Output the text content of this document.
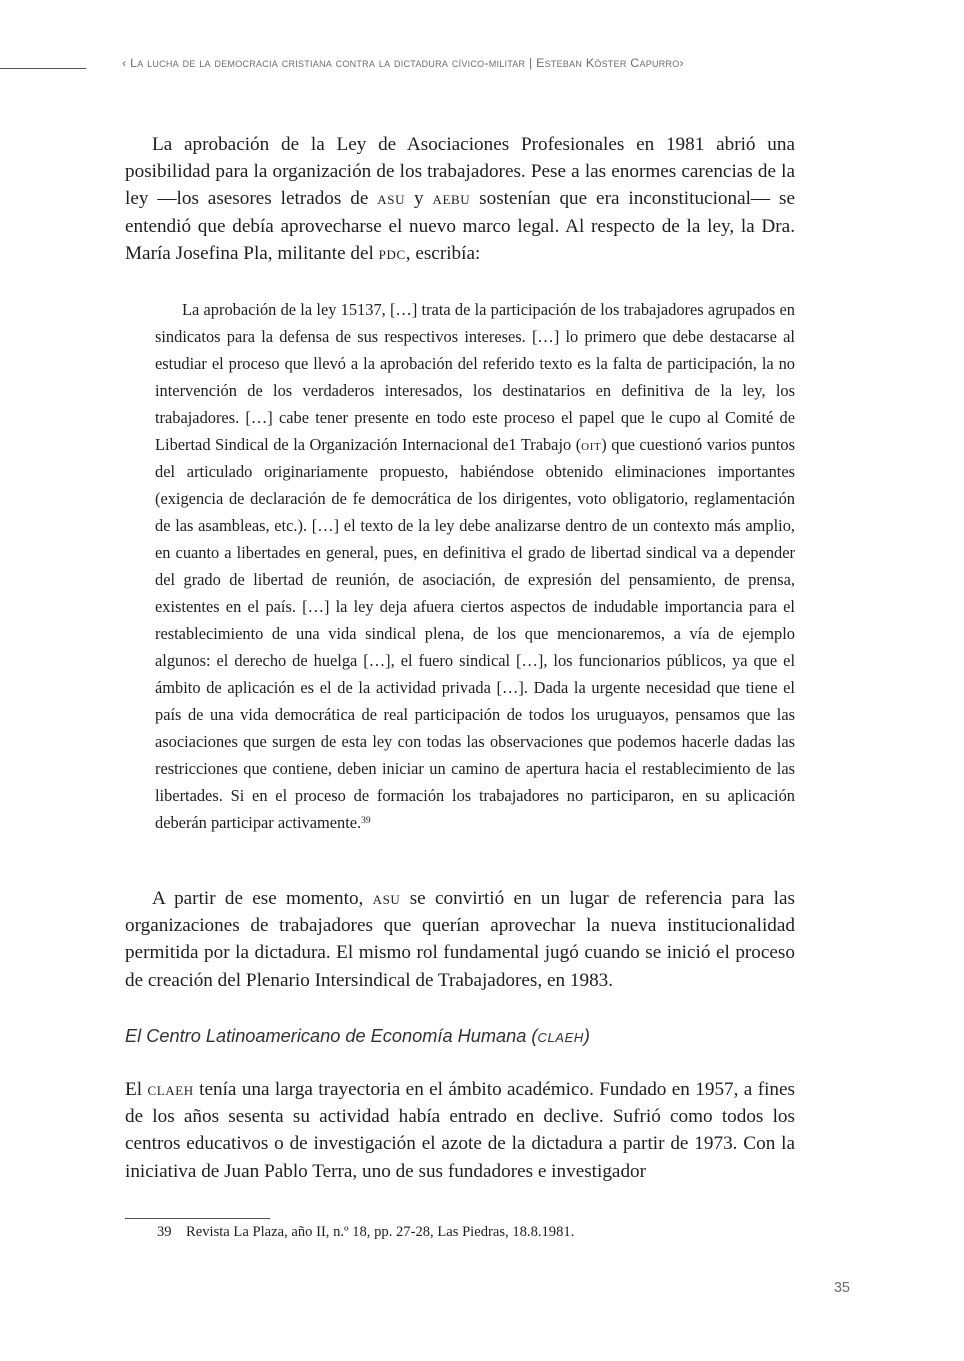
‹ La lucha de la democracia cristiana contra la dictadura cívico-militar | Esteban Köster Capurro›

La aprobación de la Ley de Asociaciones Profesionales en 1981 abrió una posibilidad para la organización de los trabajadores. Pese a las enormes carencias de la ley —los asesores letrados de asu y aebu sostenían que era inconstitucional— se entendió que debía aprovecharse el nuevo marco legal. Al respecto de la ley, la Dra. María Josefina Pla, militante del pdc, escribía:

La aprobación de la ley 15137, […] trata de la participación de los trabajadores agrupados en sindicatos para la defensa de sus respectivos intereses. […] lo primero que debe destacarse al estudiar el proceso que llevó a la aprobación del referido texto es la falta de participación, la no intervención de los verdaderos interesados, los destinatarios en definitiva de la ley, los trabajadores. […] cabe tener presente en todo este proceso el papel que le cupo al Comité de Libertad Sindical de la Organización Internacional de1 Trabajo (oit) que cuestionó varios puntos del articulado originariamente propuesto, habiéndose obtenido eliminaciones importantes (exigencia de declaración de fe democrática de los dirigentes, voto obligatorio, reglamentación de las asambleas, etc.). […] el texto de la ley debe analizarse dentro de un contexto más amplio, en cuanto a libertades en general, pues, en definitiva el grado de libertad sindical va a depender del grado de libertad de reunión, de asociación, de expresión del pensamiento, de prensa, existentes en el país. […] la ley deja afuera ciertos aspectos de indudable importancia para el restablecimiento de una vida sindical plena, de los que mencionaremos, a vía de ejemplo algunos: el derecho de huelga […], el fuero sindical […], los funcionarios públicos, ya que el ámbito de aplicación es el de la actividad privada […]. Dada la urgente necesidad que tiene el país de una vida democrática de real participación de todos los uruguayos, pensamos que las asociaciones que surgen de esta ley con todas las observaciones que podemos hacerle dadas las restricciones que contiene, deben iniciar un camino de apertura hacia el restablecimiento de las libertades. Si en el proceso de formación los trabajadores no participaron, en su aplicación deberán participar activamente.$^{39}$

A partir de ese momento, asu se convirtió en un lugar de referencia para las organizaciones de trabajadores que querían aprovechar la nueva institucionalidad permitida por la dictadura. El mismo rol fundamental jugó cuando se inició el proceso de creación del Plenario Intersindical de Trabajadores, en 1983.

El Centro Latinoamericano de Economía Humana (claeh)

El claeh tenía una larga trayectoria en el ámbito académico. Fundado en 1957, a fines de los años sesenta su actividad había entrado en declive. Sufrió como todos los centros educativos o de investigación el azote de la dictadura a partir de 1973. Con la iniciativa de Juan Pablo Terra, uno de sus fundadores e investigador

39 Revista La Plaza, año II, n.º 18, pp. 27-28, Las Piedras, 18.8.1981.
35
